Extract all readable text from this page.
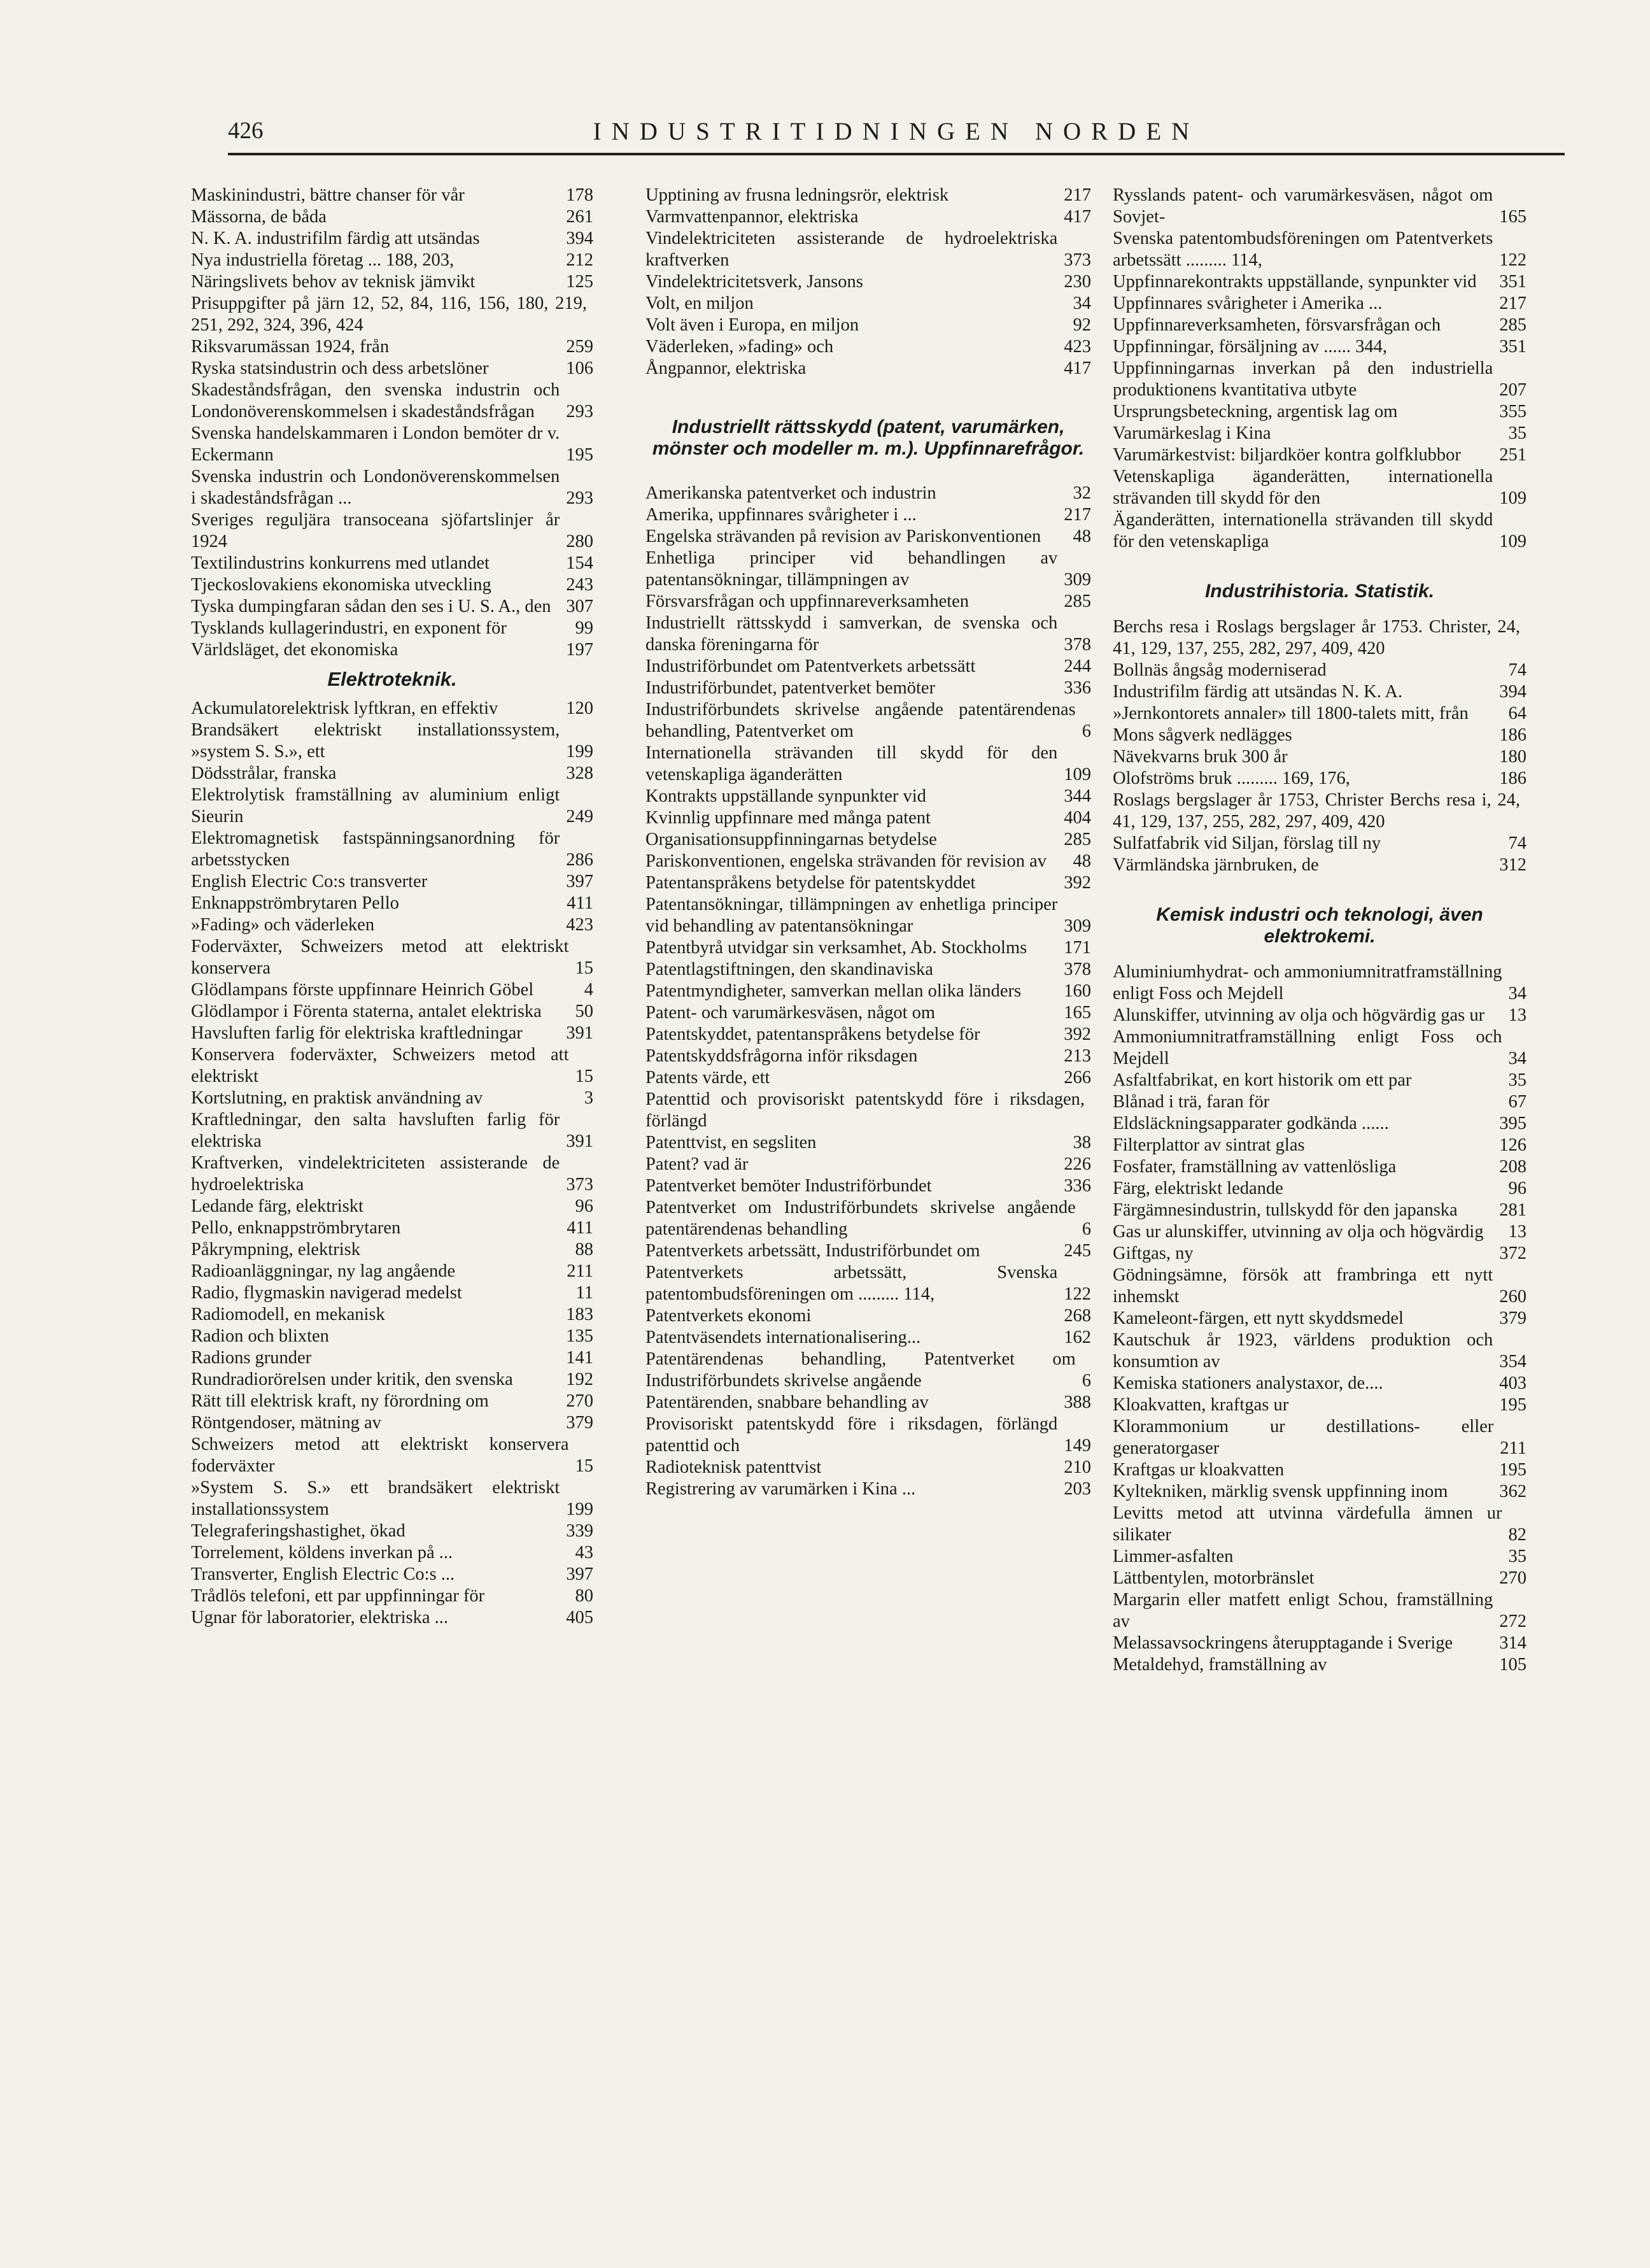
426	INDUSTRITIDNINGEN NORDEN
Maskinindustri, bättre chanser för vår	178
Mässorna, de båda	261
N. K. A. industrifilm färdig att utsändas	394
Nya industriella företag ... 188, 203,	212
Näringslivets behov av teknisk jämvikt	125
Prisuppgifter på järn 12, 52, 84, 116, 156, 180, 219, 251, 292, 324, 396, 424
Riksvarumässan 1924, från	259
Ryska statsindustrin och dess arbetslöner	106
Skadeståndsfrågan, den svenska industrin och Londonöverenskommelsen i skadeståndsfrågan	293
Svenska handelskammaren i London bemöter dr v. Eckermann	195
Svenska industrin och Londonöverenskommelsen i skadeståndsfrågan ...	293
Sveriges reguljära transoceana sjöfartslinjer år 1924	280
Textilindustrins konkurrens med utlandet	154
Tjeckoslovakiens ekonomiska utveckling	243
Tyska dumpingfaran sådan den ses i U. S. A., den 307
Tysklands kullagerindustri, en exponent för	99
Världsläget, det ekonomiska	197
Elektroteknik.
Ackumulatorelektrisk lyftkran, en effektiv	120
Brandsäkert elektriskt installationssystem, »system S. S.», ett	199
Dödsstrålar, franska	328
Elektrolytisk framställning av aluminium enligt Sieurin	249
Elektromagnetisk fastspänningsanordning för arbetsstycken	286
English Electric Co:s transverter	397
Enknappströmbrytaren Pello	411
»Fading» och väderleken	423
Foderväxter, Schweizers metod att elektriskt konservera	15
Glödlampans förste uppfinnare Heinrich Göbel	4
Glödlampor i Förenta staterna, antalet elektriska	50
Havsluften farlig för elektriska kraftledningar	391
Konservera foderväxter, Schweizers metod att elektriskt	15
Kortslutning, en praktisk användning av	3
Kraftledningar, den salta havsluften farlig för elektriska	391
Kraftverken, vindelektriciteten assisterande de hydroelektriska	373
Ledande färg, elektriskt	96
Pello, enknappströmbrytaren	411
Påkrympning, elektrisk	88
Radioanläggningar, ny lag angående	211
Radio, flygmaskin navigerad medelst	11
Radiomodell, en mekanisk	183
Radion och blixten	135
Radions grunder	141
Rundradiorörelsen under kritik, den svenska	192
Rätt till elektrisk kraft, ny förordning om	270
Röntgendoser, mätning av	379
Schweizers metod att elektriskt konservera foderväxter	15
»System S. S.» ett brandsäkert elektriskt installationssystem	199
Telegraferingshastighet, ökad	339
Torrelement, köldens inverkan på ...	43
Transverter, English Electric Co:s ...	397
Trådlös telefoni, ett par uppfinningar för	80
Ugnar för laboratorier, elektriska ...	405
Upptining av frusna ledningsrör, elektrisk	217
Varmvattenpannor, elektriska	417
Vindelektriciteten assisterande de hydroelektriska kraftverken	373
Vindelektricitetsverk, Jansons	230
Volt, en miljon	34
Volt även i Europa, en miljon	92
Väderleken, »fading» och	423
Ångpannor, elektriska	417
Industriellt rättsskydd (patent, varumärken, mönster och modeller m. m.). Uppfinnarefrågor.
Amerikanska patentverket och industrin	32
Amerika, uppfinnares svårigheter i ...	217
Engelska strävanden på revision av Pariskonventionen	48
Enhetliga principer vid behandlingen av patentansökningar, tillämpningen av	309
Försvarsfrågan och uppfinnareverksamheten	285
Industriellt rättsskydd i samverkan, de svenska och danska föreningarna för	378
Industriförbundet om Patentverkets arbetssätt	244
Industriförbundet, patentverket bemöter	336
Industriförbundets skrivelse angående patentärendenas behandling, Patentverket om	6
Internationella strävanden till skydd för den vetenskapliga äganderätten	109
Kontrakts uppställande synpunkter vid	344
Kvinnlig uppfinnare med många patent	404
Organisationsuppfinningarnas betydelse	285
Pariskonventionen, engelska strävanden för revision av	48
Patentanspråkens betydelse för patentskyddet	392
Patentansökningar, tillämpningen av enhetliga principer vid behandling av patentansökningar	309
Patentbyrå utvidgar sin verksamhet, Ab. Stockholms	171
Patentlagstiftningen, den skandinaviska	378
Patentmyndigheter, samverkan mellan olika länders	160
Patent- och varumärkesväsen, något om	165
Patentskyddet, patentanspråkens betydelse för	392
Patentskyddsfrågorna inför riksdagen	213
Patents värde, ett	266
Patenttid och provisoriskt patentskydd före i riksdagen, förlängd
Patenttvist, en segsliten	38
Patent? vad är	226
Patentverket bemöter Industriförbundet	336
Patentverket om Industriförbundets skrivelse angående patentärendenas behandling	6
Patentverkets arbetssätt, Industriförbundet om	245
Patentverkets arbetssätt, Svenska patentombudsföreningen om ......... 114,	122
Patentverkets ekonomi	268
Patentväsendets internationalisering...	162
Patentärendenas behandling, Patentverket om Industriförbundets skrivelse angående	6
Patentärenden, snabbare behandling av	388
Provisoriskt patentskydd före i riksdagen, förlängd patenttid och	149
Radioteknisk patenttvist	210
Registrering av varumärken i Kina ...	203
Rysslands patent- och varumärkesväsen, något om Sovjet-	165
Svenska patentombudsföreningen om Patentverkets arbetssätt ......... 114,	122
Uppfinnarekontrakts uppställande, synpunkter vid	351
Uppfinnares svårigheter i Amerika ...	217
Uppfinnareverksamheten, försvarsfrågan och	285
Uppfinningar, försäljning av ...... 344,	351
Uppfinningarnas inverkan på den industriella produktionens kvantitativa utbyte	207
Ursprungsbeteckning, argentisk lag om	355
Varumärkeslag i Kina	35
Varumärkestvist: biljardköer kontra golfklubbor	251
Vetenskapliga äganderätten, internationella strävanden till skydd för den	109
Äganderätten, internationella strävanden till skydd för den vetenskapliga	109
Industrihistoria. Statistik.
Berchs resa i Roslags bergslager år 1753. Christer, 24, 41, 129, 137, 255, 282, 297, 409, 420
Bollnäs ångsåg moderniserad	74
Industrifilm färdig att utsändas N. K. A.	394
»Jernkontorets annaler» till 1800-talets mitt, från	64
Mons sågverk nedlägges	186
Nävekvarns bruk 300 år	180
Olofströms bruk ......... 169, 176,	186
Roslags bergslager år 1753, Christer Berchs resa i, 24, 41, 129, 137, 255, 282, 297, 409, 420
Sulfatfabrik vid Siljan, förslag till ny	74
Värmländska järnbruken, de	312
Kemisk industri och teknologi, även elektrokemi.
Aluminiumhydrat- och ammoniumnitratframställning enligt Foss och Mejdell	34
Alunskiffer, utvinning av olja och högvärdig gas ur	13
Ammoniumnitratframställning enligt Foss och Mejdell	34
Asfaltfabrikat, en kort historik om ett par	35
Blånad i trä, faran för	67
Eldsläckningsapparater godkända ......	395
Filterplattor av sintrat glas	126
Fosfater, framställning av vattenlösliga	208
Färg, elektriskt ledande	96
Färgämnesindustrin, tullskydd för den japanska	281
Gas ur alunskiffer, utvinning av olja och högvärdig	13
Giftgas, ny	372
Gödningsämne, försök att frambringa ett nytt inhemskt	260
Kameleont-färgen, ett nytt skyddsmedel	379
Kautschuk år 1923, världens produktion och konsumtion av	354
Kemiska stationers analystaxor, de....	403
Kloakvatten, kraftgas ur	195
Klorammonium ur destillations- eller generatorgaser	211
Kraftgas ur kloakvatten	195
Kyltekniken, märklig svensk uppfinning inom	362
Levitts metod att utvinna värdefulla ämnen ur silikater	82
Limmer-asfalten	35
Lättbentylen, motorbränslet	270
Margarin eller matfett enligt Schou, framställning av	272
Melassavsockringens återupptagande i Sverige	314
Metaldehyd, framställning av	105
